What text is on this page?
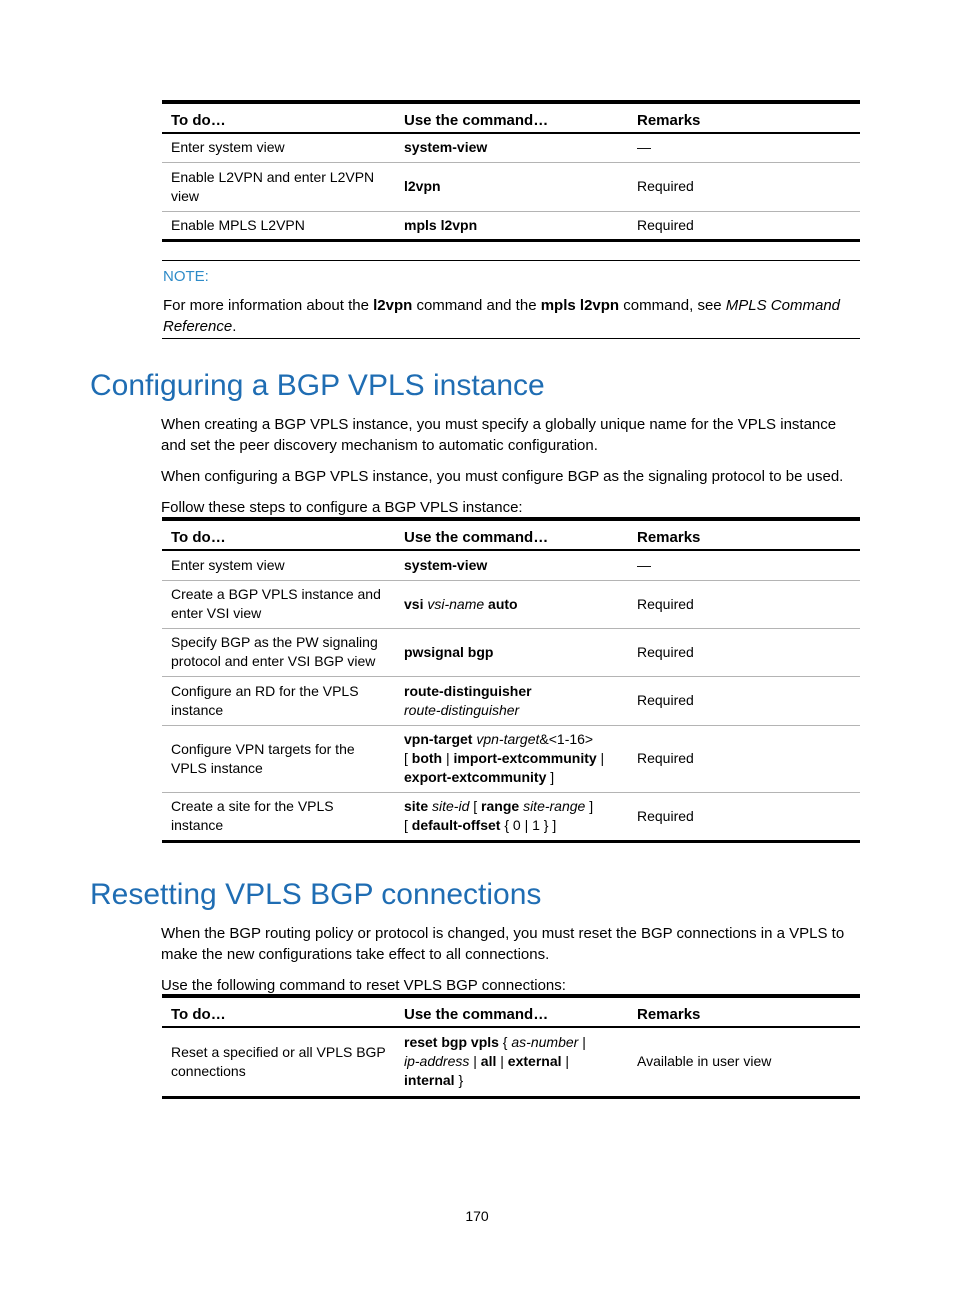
To do…	Use the command…	Remarks
Enter system view	system-view	—
Enable L2VPN and enter L2VPN view	l2vpn	Required
Enable MPLS L2VPN	mpls l2vpn	Required
NOTE:
For more information about the l2vpn command and the mpls l2vpn command, see MPLS Command Reference.
Configuring a BGP VPLS instance

When creating a BGP VPLS instance, you must specify a globally unique name for the VPLS instance and set the peer discovery mechanism to automatic configuration.

When configuring a BGP VPLS instance, you must configure BGP as the signaling protocol to be used.

Follow these steps to configure a BGP VPLS instance:

To do…	Use the command…	Remarks
Enter system view	system-view	—
Create a BGP VPLS instance and enter VSI view	vsi vsi-name auto	Required
Specify BGP as the PW signaling protocol and enter VSI BGP view	pwsignal bgp	Required
Configure an RD for the VPLS instance	route-distinguisher
route-distinguisher	Required
Configure VPN targets for the VPLS instance	vpn-target vpn-target&<1-16>
[ both | import-extcommunity |
export-extcommunity ]	Required
Create a site for the VPLS instance	site site-id [ range site-range ]
[ default-offset { 0 | 1 } ]	Required
Resetting VPLS BGP connections

When the BGP routing policy or protocol is changed, you must reset the BGP connections in a VPLS to make the new configurations take effect to all connections.

Use the following command to reset VPLS BGP connections:

To do…	Use the command…	Remarks
Reset a specified or all VPLS BGP connections	reset bgp vpls { as-number |
ip-address | all | external |
internal }	Available in user view
170
